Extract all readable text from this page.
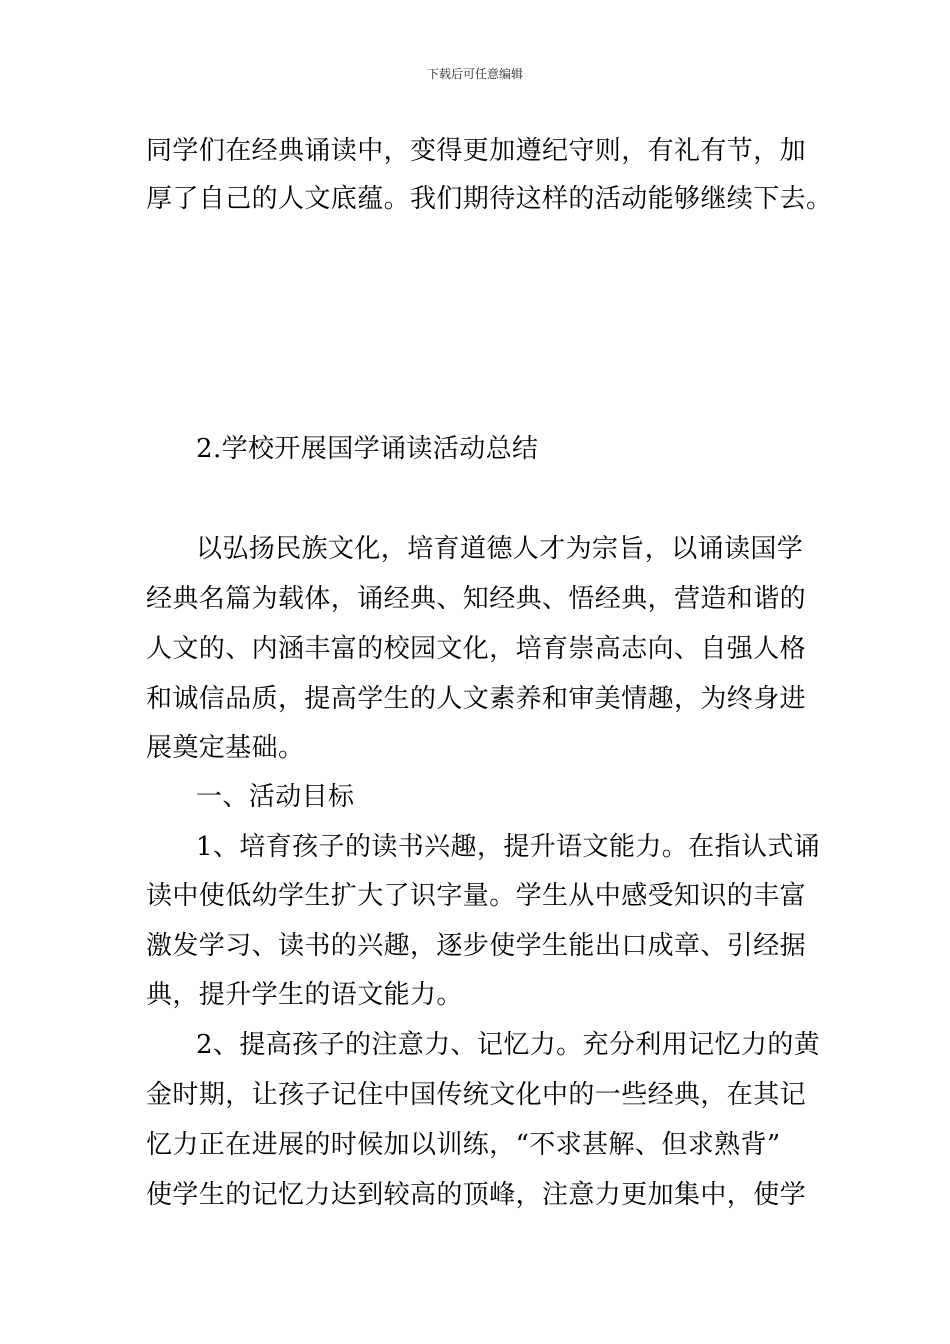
下载后可任意编辑
同学们在经典诵读中，变得更加遵纪守则，有礼有节，加
厚了自己的人文底蕴。我们期待这样的活动能够继续下去。
2.学校开展国学诵读活动总结
以弘扬民族文化，培育道德人才为宗旨，以诵读国学
经典名篇为载体，诵经典、知经典、悟经典，营造和谐的
人文的、内涵丰富的校园文化，培育崇高志向、自强人格
和诚信品质，提高学生的人文素养和审美情趣，为终身进
展奠定基础。
一、活动目标
1、培育孩子的读书兴趣，提升语文能力。在指认式诵
读中使低幼学生扩大了识字量。学生从中感受知识的丰富
激发学习、读书的兴趣，逐步使学生能出口成章、引经据
典，提升学生的语文能力。
2、提高孩子的注意力、记忆力。充分利用记忆力的黄
金时期，让孩子记住中国传统文化中的一些经典，在其记
忆力正在进展的时候加以训练，“不求甚解、但求熟背”
使学生的记忆力达到较高的顶峰，注意力更加集中，使学
